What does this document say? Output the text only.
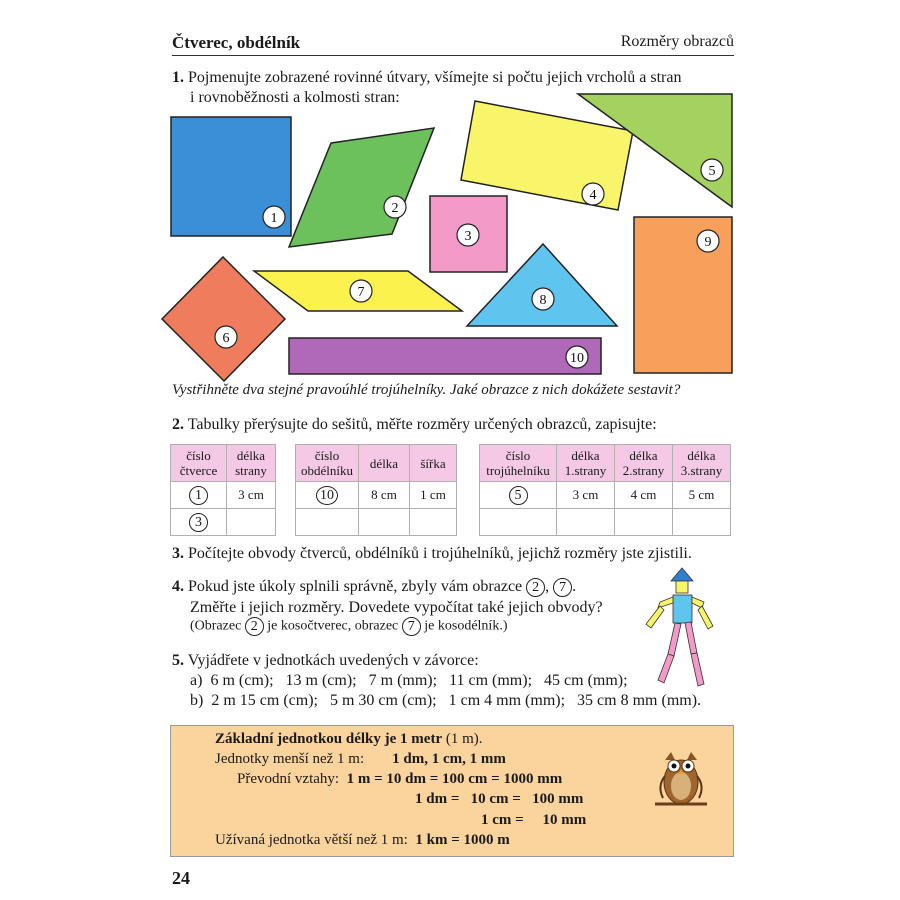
Čtverec, obdélník	Rozměry obrazců
1. Pojmenujte zobrazené rovinné útvary, všímejte si počtu jejich vrcholů a stran
i rovnoběžnosti a kolmosti stran:
1
2
3
4
5
6
7
8
9
10
Vystřihněte dva stejné pravoúhlé trojúhelníky. Jaké obrazce z nich dokážete sestavit?
2. Tabulky přerýsujte do sešitů, měřte rozměry určených obrazců, zapisujte:
číslo
čtverce	délka
strany
1	3 cm
3	
číslo
obdélníku	délka	šířka
10	8 cm	1 cm

číslo
trojúhelníku	délka
1.strany	délka
2.strany	délka
3.strany
5	3 cm	4 cm	5 cm

3. Počítejte obvody čtverců, obdélníků i trojúhelníků, jejichž rozměry jste zjistili.
4. Pokud jste úkoly splnili správně, zbyly vám obrazce 2 , 7 .
Změřte i jejich rozměry. Dovedete vypočítat také jejich obvody?
(Obrazec 2 je kosočtverec, obrazec 7 je kosodélník.)
5. Vyjádřete v jednotkách uvedených v závorce:
a) 6 m (cm); 13 m (cm); 7 m (mm); 11 cm (mm); 45 cm (mm);
b) 2 m 15 cm (cm); 5 m 30 cm (cm); 1 cm 4 mm (mm); 35 cm 8 mm (mm).
Základní jednotkou délky je 1 metr (1 m).
Jednotky menší než 1 m: 1 dm, 1 cm, 1 mm
Převodní vztahy: 1 m = 10 dm = 100 cm = 1000 mm
1 dm =   10 cm =   100 mm
1 cm =     10 mm
Užívaná jednotka větší než 1 m: 1 km = 1000 m
24
